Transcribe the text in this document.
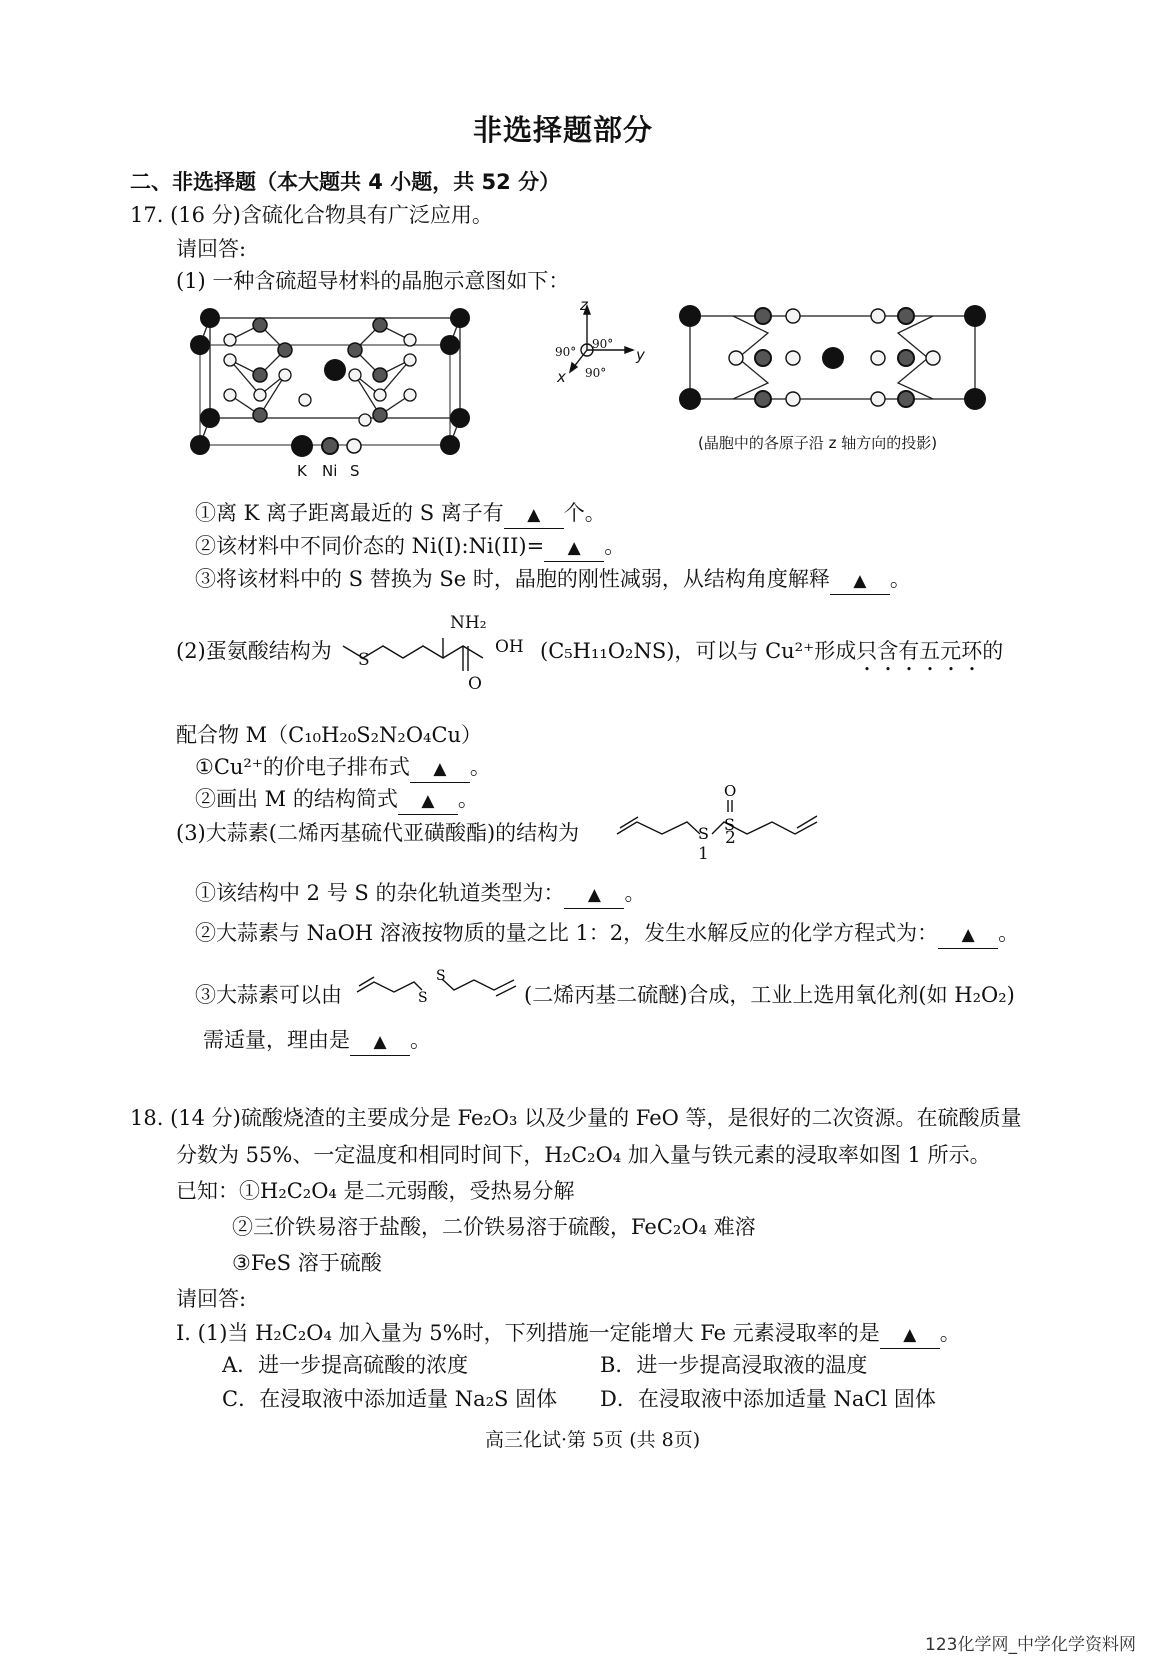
非选择题部分
二、非选择题（本大题共 4 小题，共 52 分）
17. (16 分)含硫化合物具有广泛应用。
请回答:
(1) 一种含硫超导材料的晶胞示意图如下：
K Ni S
z
y
x
90°
90°
90°
(晶胞中的各原子沿 z 轴方向的投影)
①离 K 离子距离最近的 S 离子有 ▲ 个。
②该材料中不同价态的 Ni(I):Ni(II)= ▲ 。
③将该材料中的 S 替换为 Se 时，晶胞的刚性减弱，从结构角度解释 ▲ 。
(2)蛋氨酸结构为 S
NH₂
OH
O
(C₅H₁₁O₂NS)，可以与 Cu²⁺形成只含有五元环的
配合物 M（C₁₀H₂₀S₂N₂O₄Cu）
①Cu²⁺的价电子排布式 ▲ 。
②画出 M 的结构简式 ▲ 。
(3)大蒜素(二烯丙基硫代亚磺酸酯)的结构为
O
S S
1
2
①该结构中 2 号 S 的杂化轨道类型为： ▲ 。
②大蒜素与 NaOH 溶液按物质的量之比 1：2，发生水解反应的化学方程式为： ▲ 。
③大蒜素可以由	S
S
(二烯丙基二硫醚)合成，工业上选用氧化剂(如 H₂O₂)
需适量，理由是 ▲ 。
18. (14 分)硫酸烧渣的主要成分是 Fe₂O₃ 以及少量的 FeO 等，是很好的二次资源。在硫酸质量
分数为 55%、一定温度和相同时间下，H₂C₂O₄ 加入量与铁元素的浸取率如图 1 所示。
已知：①H₂C₂O₄ 是二元弱酸，受热易分解
②三价铁易溶于盐酸，二价铁易溶于硫酸，FeC₂O₄ 难溶
③FeS 溶于硫酸
请回答:
I. (1)当 H₂C₂O₄ 加入量为 5%时，下列措施一定能增大 Fe 元素浸取率的是 ▲ 。
A．进一步提高硫酸的浓度	B．进一步提高浸取液的温度
C．在浸取液中添加适量 Na₂S 固体 D．在浸取液中添加适量 NaCl 固体
高三化试·第 5页 (共 8页)
123化学网_中学化学资料网
